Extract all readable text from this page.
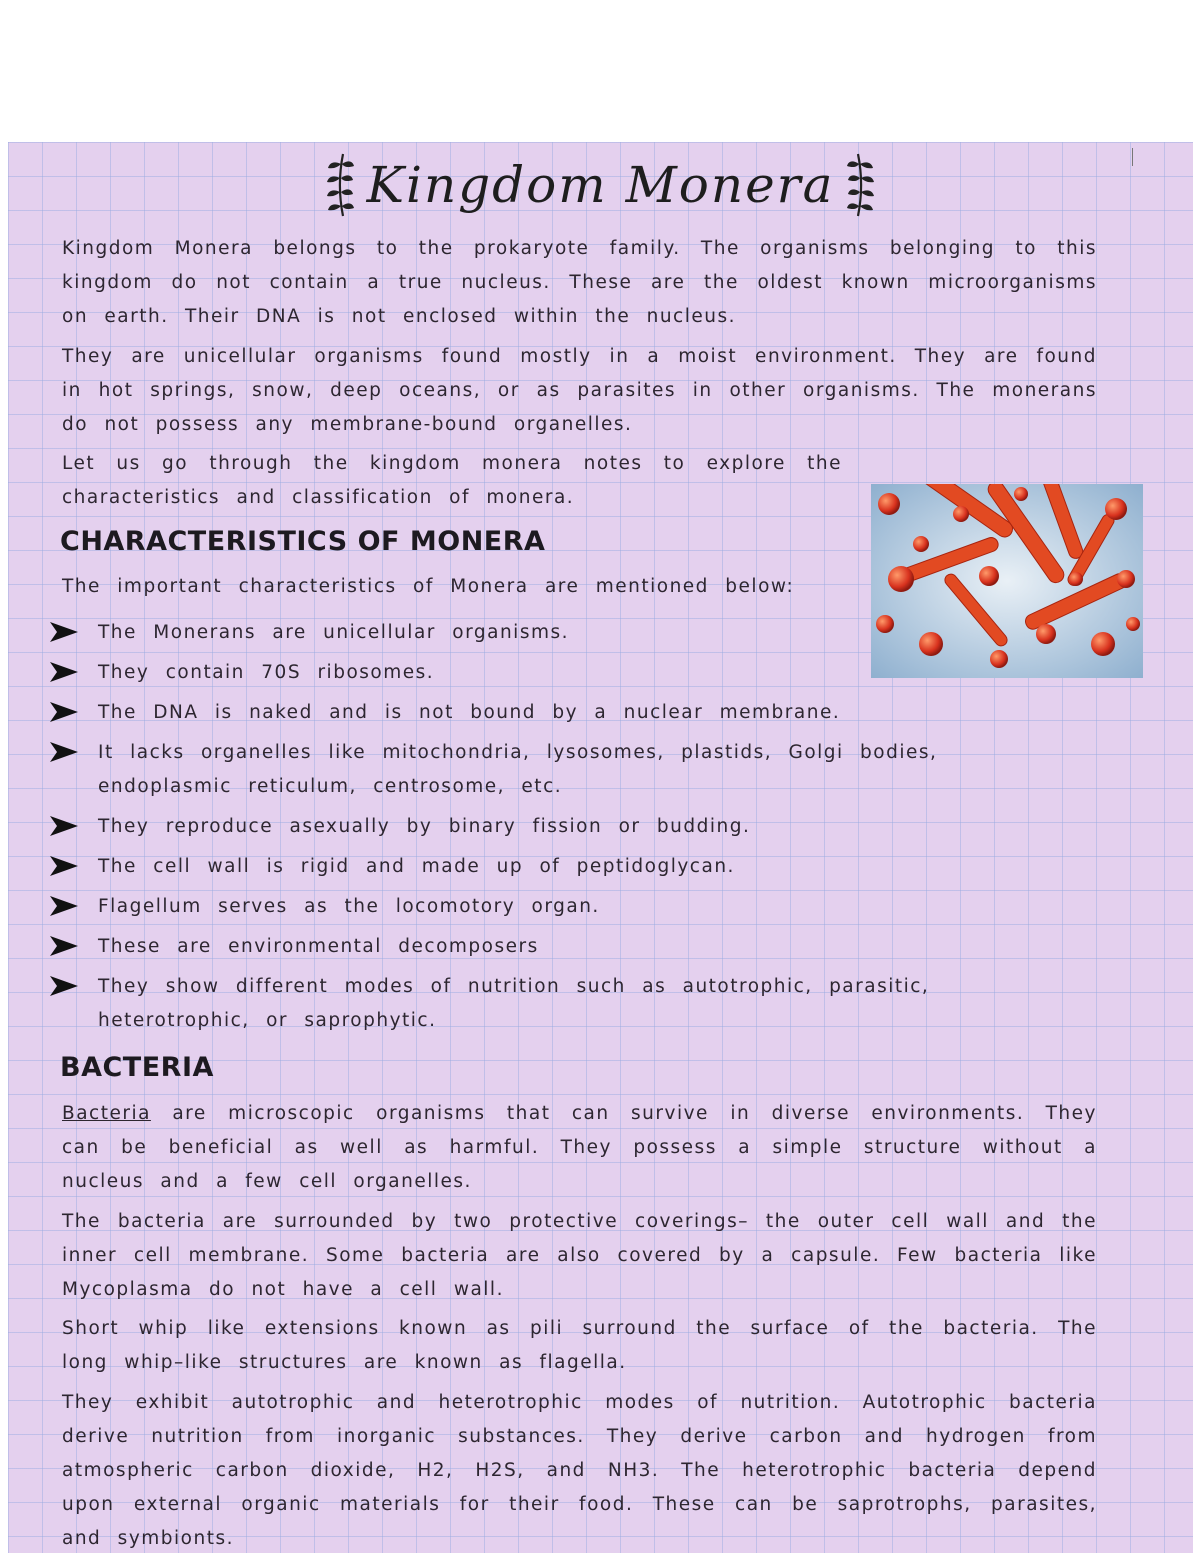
Kingdom Monera

Kingdom Monera belongs to the prokaryote family. The organisms belonging to this kingdom do not contain a true nucleus. These are the oldest known microorganisms on earth. Their DNA is not enclosed within the nucleus.

They are unicellular organisms found mostly in a moist environment. They are found in hot springs, snow, deep oceans, or as parasites in other organisms. The monerans do not possess any membrane-bound organelles.

Let us go through the kingdom monera notes to explore the characteristics and classification of monera.

CHARACTERISTICS OF MONERA

The important characteristics of Monera are mentioned below:

The Monerans are unicellular organisms.
They contain 70S ribosomes.
The DNA is naked and is not bound by a nuclear membrane.
It lacks organelles like mitochondria, lysosomes, plastids, Golgi bodies, endoplasmic reticulum, centrosome, etc.
They reproduce asexually by binary fission or budding.
The cell wall is rigid and made up of peptidoglycan.
Flagellum serves as the locomotory organ.
These are environmental decomposers
They show different modes of nutrition such as autotrophic, parasitic, heterotrophic, or saprophytic.
BACTERIA

Bacteria are microscopic organisms that can survive in diverse environments. They can be beneficial as well as harmful. They possess a simple structure without a nucleus and a few cell organelles.

The bacteria are surrounded by two protective coverings– the outer cell wall and the inner cell membrane. Some bacteria are also covered by a capsule. Few bacteria like Mycoplasma do not have a cell wall.

Short whip like extensions known as pili surround the surface of the bacteria. The long whip–like structures are known as flagella.

They exhibit autotrophic and heterotrophic modes of nutrition. Autotrophic bacteria derive nutrition from inorganic substances. They derive carbon and hydrogen from atmospheric carbon dioxide, H2, H2S, and NH3. The heterotrophic bacteria depend upon external organic materials for their food. These can be saprotrophs, parasites, and symbionts.
